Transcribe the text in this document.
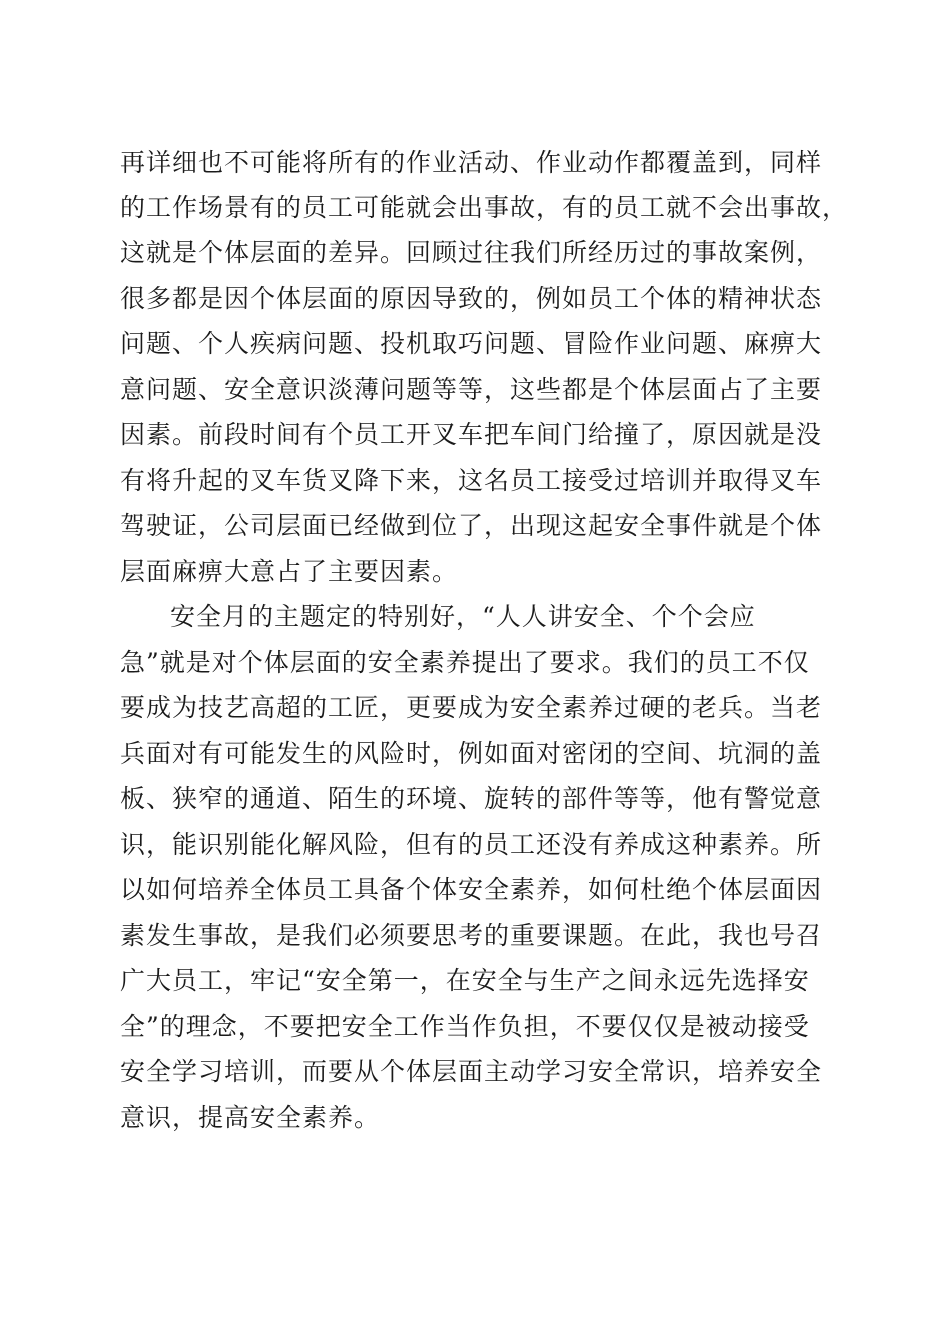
再详细也不可能将所有的作业活动、作业动作都覆盖到，同样
的工作场景有的员工可能就会出事故，有的员工就不会出事故，
这就是个体层面的差异。回顾过往我们所经历过的事故案例，
很多都是因个体层面的原因导致的，例如员工个体的精神状态
问题、个人疾病问题、投机取巧问题、冒险作业问题、麻痹大
意问题、安全意识淡薄问题等等，这些都是个体层面占了主要
因素。前段时间有个员工开叉车把车间门给撞了，原因就是没
有将升起的叉车货叉降下来，这名员工接受过培训并取得叉车
驾驶证，公司层面已经做到位了，出现这起安全事件就是个体
层面麻痹大意占了主要因素。
安全月的主题定的特别好，“人人讲安全、个个会应
急”就是对个体层面的安全素养提出了要求。我们的员工不仅
要成为技艺高超的工匠，更要成为安全素养过硬的老兵。当老
兵面对有可能发生的风险时，例如面对密闭的空间、坑洞的盖
板、狭窄的通道、陌生的环境、旋转的部件等等，他有警觉意
识，能识别能化解风险，但有的员工还没有养成这种素养。所
以如何培养全体员工具备个体安全素养，如何杜绝个体层面因
素发生事故，是我们必须要思考的重要课题。在此，我也号召
广大员工，牢记“安全第一，在安全与生产之间永远先选择安
全”的理念，不要把安全工作当作负担，不要仅仅是被动接受
安全学习培训，而要从个体层面主动学习安全常识，培养安全
意识，提高安全素养。
